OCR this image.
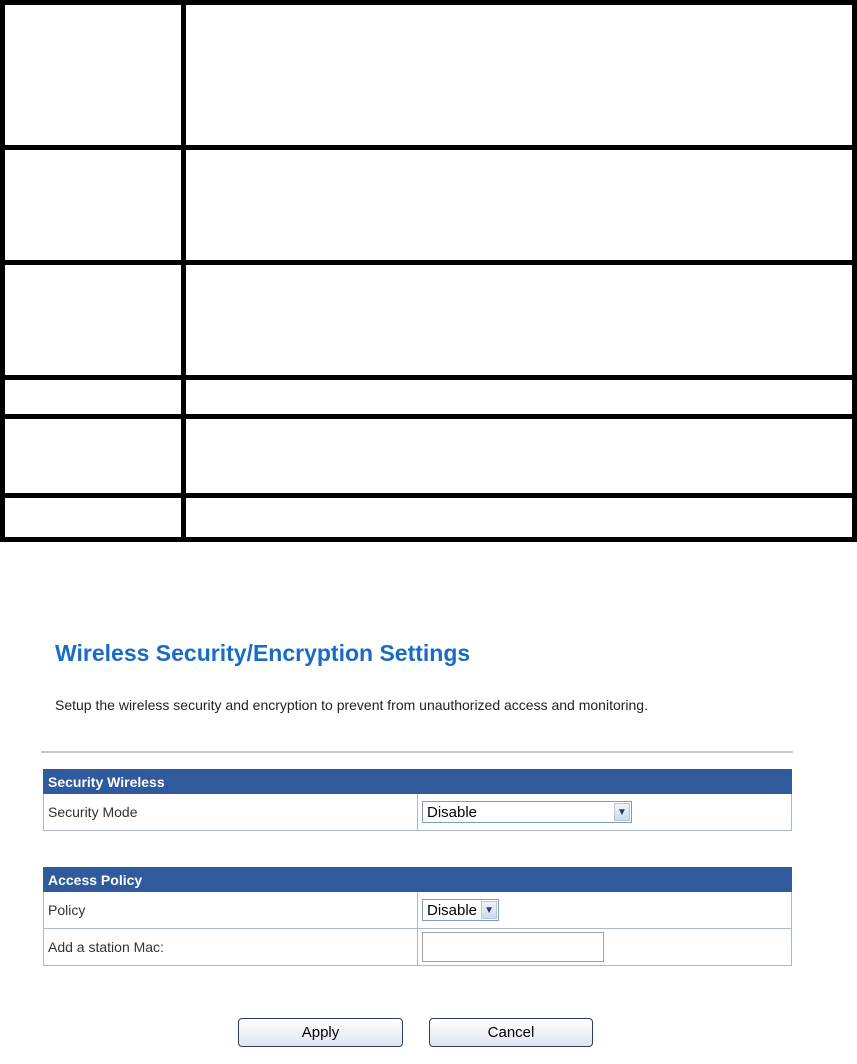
Wireless Security/Encryption Settings

Setup the wireless security and encryption to prevent from unauthorized access and monitoring.

Security Wireless
Security Mode	Disable	▼
Access Policy	
Policy	Disable ▼

Add a station Mac:	
Apply	Cancel
